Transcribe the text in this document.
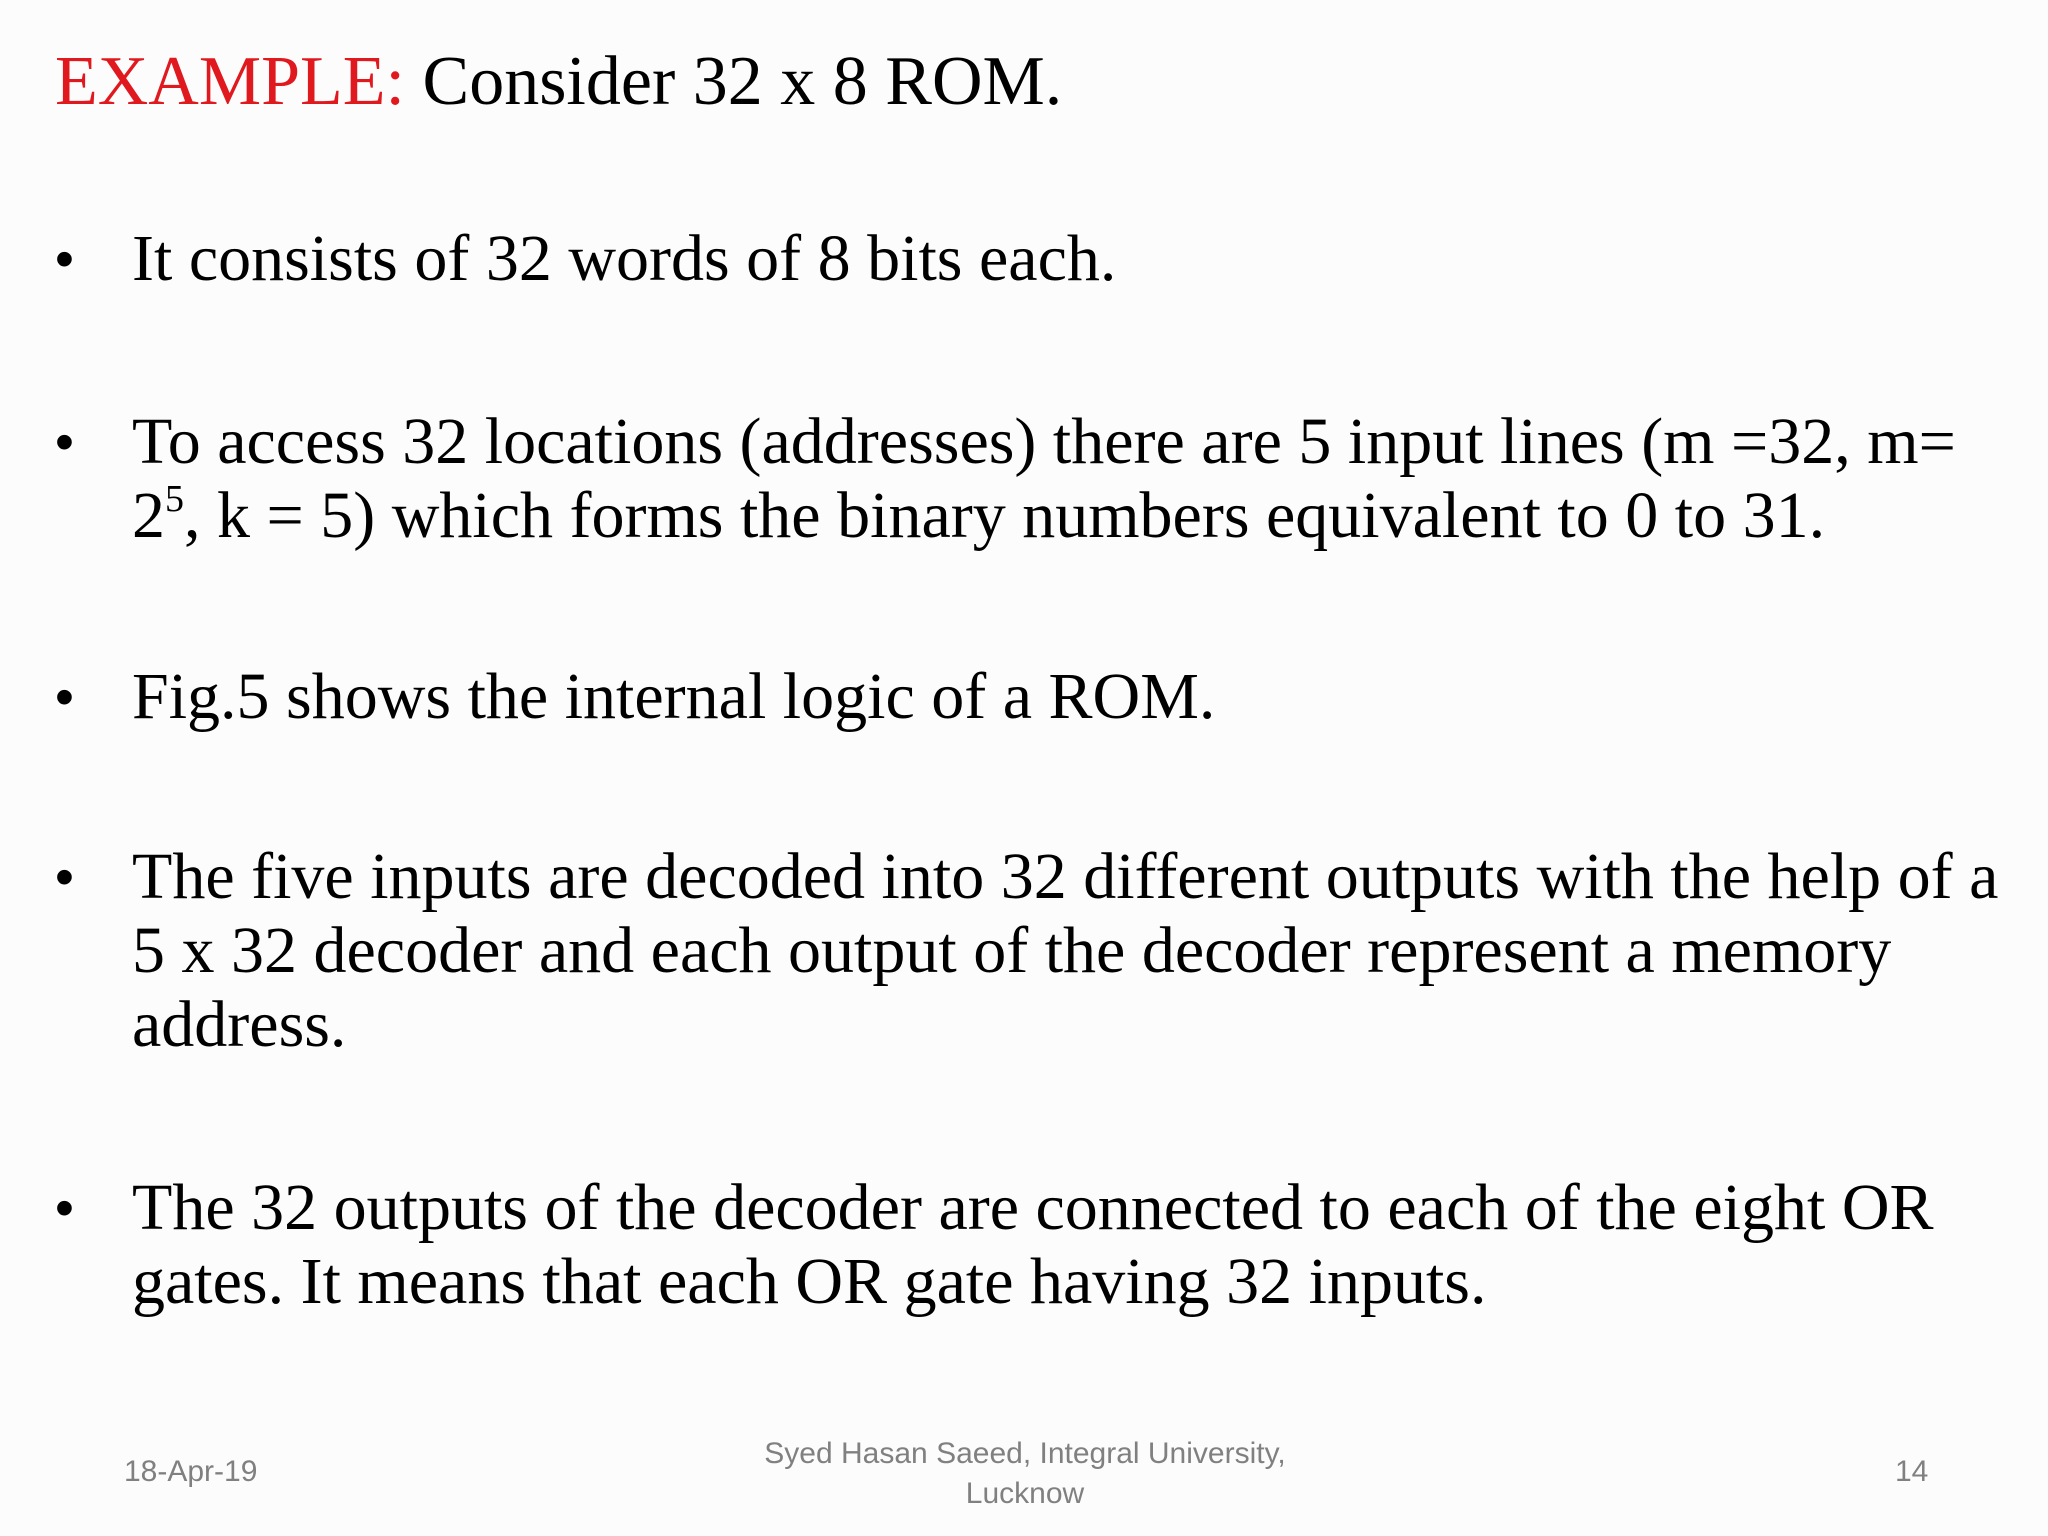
EXAMPLE: Consider 32 x 8 ROM.
• It consists of 32 words of 8 bits each.
• To access 32 locations (addresses) there are 5 input lines (m =32, $m= 2^5$, k = 5) which forms the binary numbers equivalent to 0 to 31.
• Fig.5 shows the internal logic of a ROM.
• The five inputs are decoded into 32 different outputs with the help of a 5 x 32 decoder and each output of the decoder represent a memory address.
• The 32 outputs of the decoder are connected to each of the eight OR gates. It means that each OR gate having 32 inputs.
18-Apr-19
Syed Hasan Saeed, Integral University,
Lucknow
14
